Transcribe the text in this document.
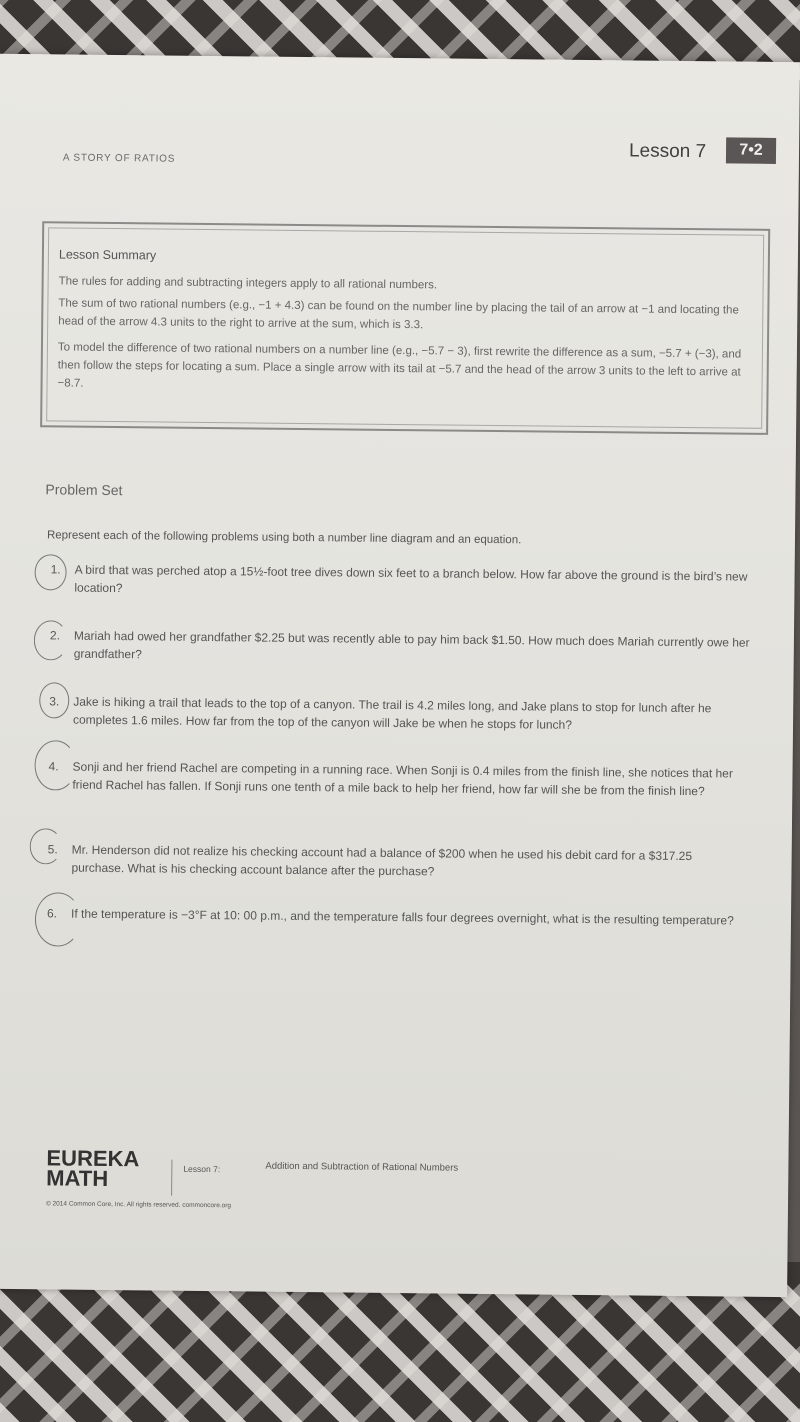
A STORY OF RATIOS	Lesson 7	7•2
Lesson Summary
The rules for adding and subtracting integers apply to all rational numbers.
The sum of two rational numbers (e.g., −1 + 4.3) can be found on the number line by placing the tail of an arrow at −1 and locating the head of the arrow 4.3 units to the right to arrive at the sum, which is 3.3.
To model the difference of two rational numbers on a number line (e.g., −5.7 − 3), first rewrite the difference as a sum, −5.7 + (−3), and then follow the steps for locating a sum. Place a single arrow with its tail at −5.7 and the head of the arrow 3 units to the left to arrive at −8.7.
Problem Set
Represent each of the following problems using both a number line diagram and an equation.
1.	A bird that was perched atop a 15½-foot tree dives down six feet to a branch below. How far above the ground is the bird’s new location?
2.	Mariah had owed her grandfather $2.25 but was recently able to pay him back $1.50. How much does Mariah currently owe her grandfather?
3.	Jake is hiking a trail that leads to the top of a canyon. The trail is 4.2 miles long, and Jake plans to stop for lunch after he completes 1.6 miles. How far from the top of the canyon will Jake be when he stops for lunch?
4.	Sonji and her friend Rachel are competing in a running race. When Sonji is 0.4 miles from the finish line, she notices that her friend Rachel has fallen. If Sonji runs one tenth of a mile back to help her friend, how far will she be from the finish line?
5.	Mr. Henderson did not realize his checking account had a balance of $200 when he used his debit card for a $317.25 purchase. What is his checking account balance after the purchase?
6.	If the temperature is −3°F at 10: 00 p.m., and the temperature falls four degrees overnight, what is the resulting temperature?
EUREKA
MATH	Lesson 7:	Addition and Subtraction of Rational Numbers
© 2014 Common Core, Inc. All rights reserved. commoncore.org
